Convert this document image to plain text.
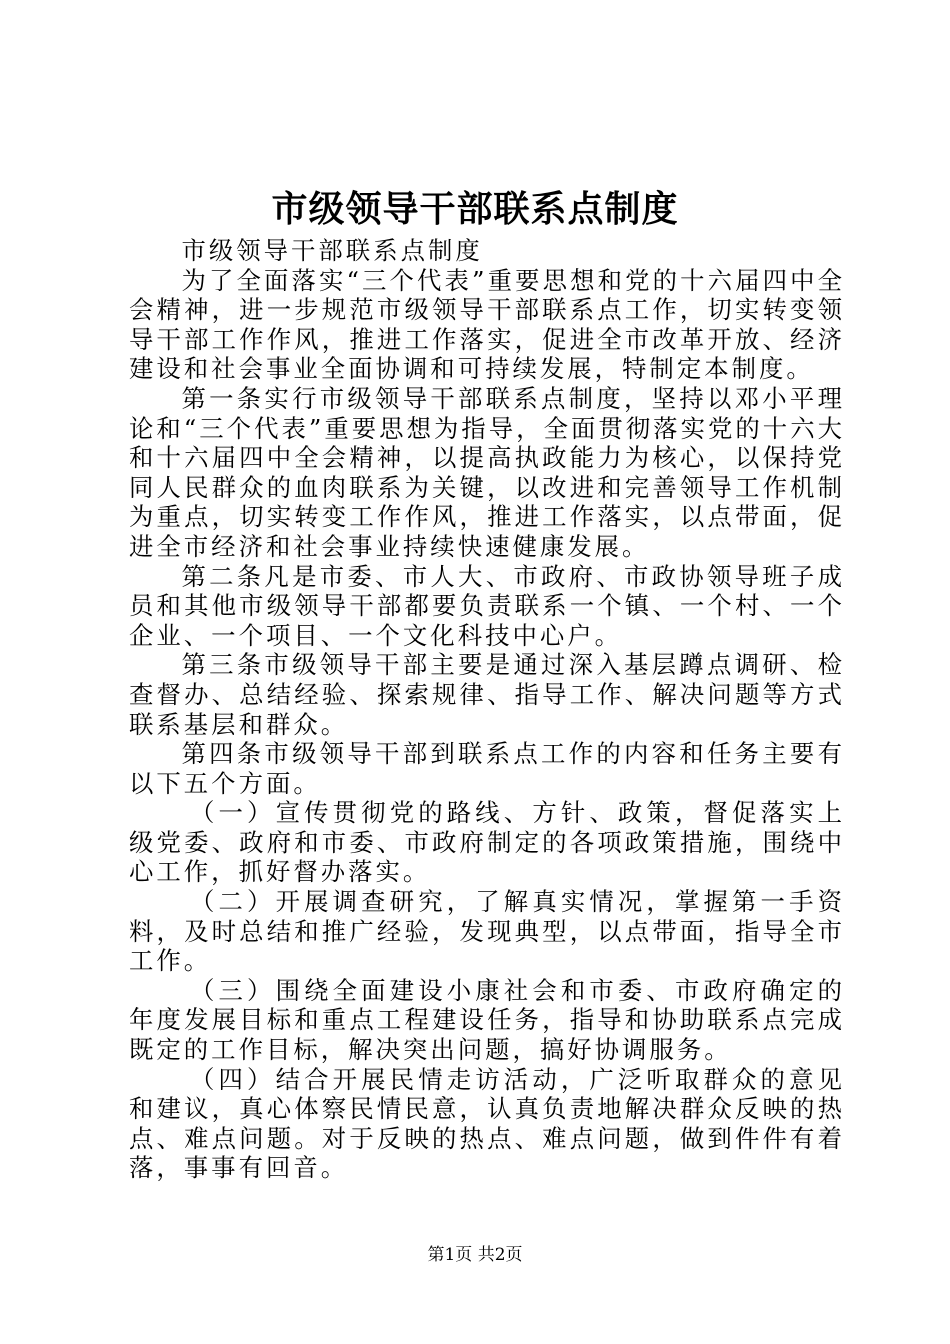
市级领导干部联系点制度

市级领导干部联系点制度

为了全面落实“三个代表”重要思想和党的十六届四中全会精神，进一步规范市级领导干部联系点工作，切实转变领导干部工作作风，推进工作落实，促进全市改革开放、经济建设和社会事业全面协调和可持续发展，特制定本制度。

第一条实行市级领导干部联系点制度，坚持以邓小平理论和“三个代表”重要思想为指导，全面贯彻落实党的十六大和十六届四中全会精神，以提高执政能力为核心，以保持党同人民群众的血肉联系为关键，以改进和完善领导工作机制为重点，切实转变工作作风，推进工作落实，以点带面，促进全市经济和社会事业持续快速健康发展。

第二条凡是市委、市人大、市政府、市政协领导班子成员和其他市级领导干部都要负责联系一个镇、一个村、一个企业、一个项目、一个文化科技中心户。

第三条市级领导干部主要是通过深入基层蹲点调研、检查督办、总结经验、探索规律、指导工作、解决问题等方式联系基层和群众。

第四条市级领导干部到联系点工作的内容和任务主要有以下五个方面。

（一）宣传贯彻党的路线、方针、政策，督促落实上级党委、政府和市委、市政府制定的各项政策措施，围绕中心工作，抓好督办落实。

（二）开展调查研究，了解真实情况，掌握第一手资料，及时总结和推广经验，发现典型，以点带面，指导全市工作。

（三）围绕全面建设小康社会和市委、市政府确定的年度发展目标和重点工程建设任务，指导和协助联系点完成既定的工作目标，解决突出问题，搞好协调服务。

（四）结合开展民情走访活动，广泛听取群众的意见和建议，真心体察民情民意，认真负责地解决群众反映的热点、难点问题。对于反映的热点、难点问题，做到件件有着落，事事有回音。

第1页 共2页
